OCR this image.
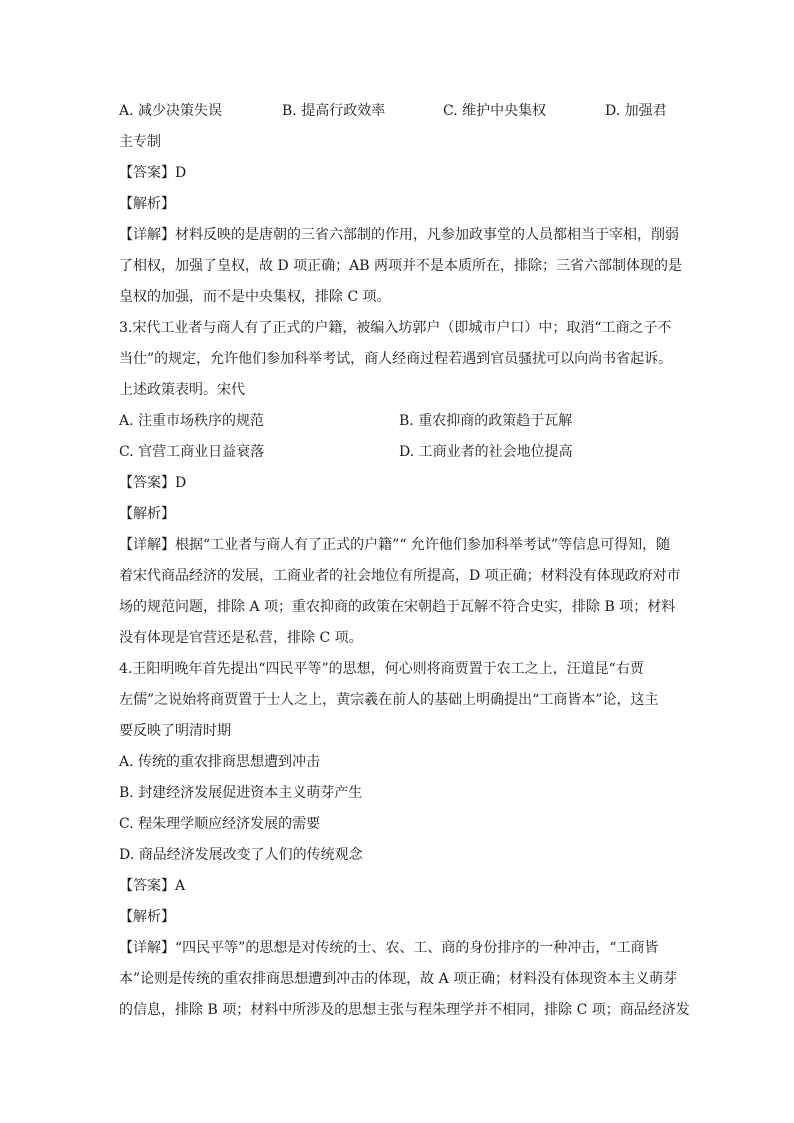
A. 减少决策失误	B. 提高行政效率	C. 维护中央集权	D. 加强君
主专制
【答案】D
【解析】
【详解】材料反映的是唐朝的三省六部制的作用，凡参加政事堂的人员都相当于宰相，削弱
了相权，加强了皇权，故 D 项正确；AB 两项并不是本质所在，排除；三省六部制体现的是
皇权的加强，而不是中央集权，排除 C 项。
3.宋代工业者与商人有了正式的户籍，被编入坊郭户（即城市户口）中；取消“工商之子不
当仕”的规定，允许他们参加科举考试，商人经商过程若遇到官员骚扰可以向尚书省起诉。
上述政策表明。宋代
A. 注重市场秩序的规范	B. 重农抑商的政策趋于瓦解
C. 官营工商业日益衰落	D. 工商业者的社会地位提高
【答案】D
【解析】
【详解】根据“工业者与商人有了正式的户籍”“ 允许他们参加科举考试”等信息可得知，随
着宋代商品经济的发展，工商业者的社会地位有所提高，D 项正确；材料没有体现政府对市
场的规范问题，排除 A 项；重农抑商的政策在宋朝趋于瓦解不符合史实，排除 B 项；材料
没有体现是官营还是私营，排除 C 项。
4.王阳明晚年首先提出“四民平等”的思想，何心则将商贾置于农工之上，汪道昆“右贾
左儒”之说始将商贾置于士人之上，黄宗羲在前人的基础上明确提出“工商皆本”论，这主
要反映了明清时期
A. 传统的重农排商思想遭到冲击
B. 封建经济发展促进资本主义萌芽产生
C. 程朱理学顺应经济发展的需要
D. 商品经济发展改变了人们的传统观念
【答案】A
【解析】
【详解】“四民平等”的思想是对传统的士、农、工、商的身份排序的一种冲击，“工商皆
本”论则是传统的重农排商思想遭到冲击的体现，故 A 项正确；材料没有体现资本主义萌芽
的信息，排除 B 项；材料中所涉及的思想主张与程朱理学并不相同，排除 C 项；商品经济发
